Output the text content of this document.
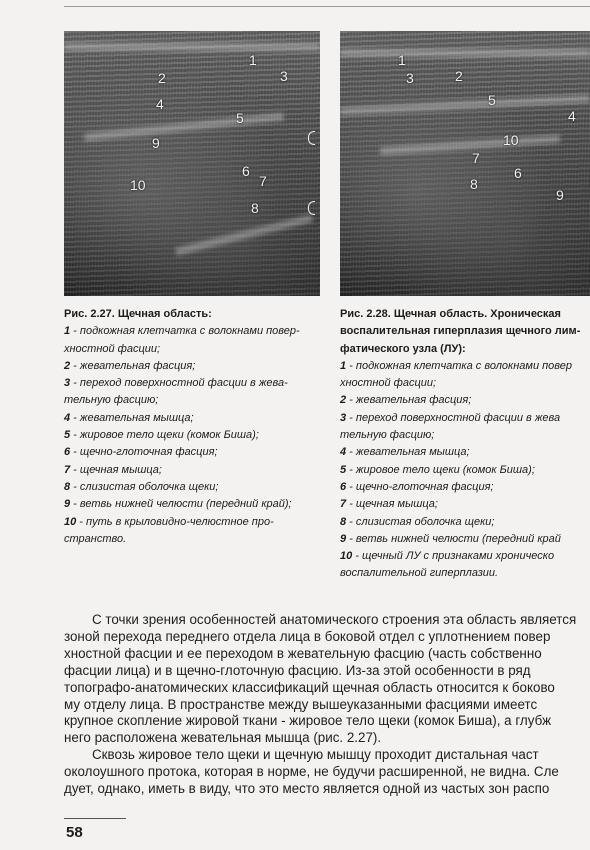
1
2	3
4
5
9
6
7
10
8
1
3	2
5
4
10
7
6
8
9
Рис. 2.27. Щечная область:
1 - подкожная клетчатка с волокнами повер-
хностной фасции;
2 - жевательная фасция;
3 - переход поверхностной фасции в жева-
тельную фасцию;
4 - жевательная мышца;
5 - жировое тело щеки (комок Биша);
6 - щечно-глоточная фасция;
7 - щечная мышца;
8 - слизистая оболочка щеки;
9 - ветвь нижней челюсти (передний край);
10 - путь в крыловидно-челюстное про-
странство.
Рис. 2.28. Щечная область. Хроническая
воспалительная гиперплазия щечного лим-
фатического узла (ЛУ):
1 - подкожная клетчатка с волокнами повер
хностной фасции;
2 - жевательная фасция;
3 - переход поверхностной фасции в жева
тельную фасцию;
4 - жевательная мышца;
5 - жировое тело щеки (комок Биша);
6 - щечно-глоточная фасция;
7 - щечная мышца;
8 - слизистая оболочка щеки;
9 - ветвь нижней челюсти (передний край
10 - щечный ЛУ с признаками хроническо
воспалительной гиперплазии.

С точки зрения особенностей анатомического строения эта область является

зоной перехода переднего отдела лица в боковой отдел с уплотнением повер

хностной фасции и ее переходом в жевательную фасцию (часть собственно

фасции лица) и в щечно-глоточную фасцию. Из-за этой особенности в ряд

топографо-анатомических классификаций щечная область относится к боково

му отделу лица. В пространстве между вышеуказанными фасциями имеетс

крупное скопление жировой ткани - жировое тело щеки (комок Биша), а глубж

него расположена жевательная мышца (рис. 2.27).

Сквозь жировое тело щеки и щечную мышцу проходит дистальная част

околоушного протока, которая в норме, не будучи расширенной, не видна. Сле

дует, однако, иметь в виду, что это место является одной из частых зон распо

58
